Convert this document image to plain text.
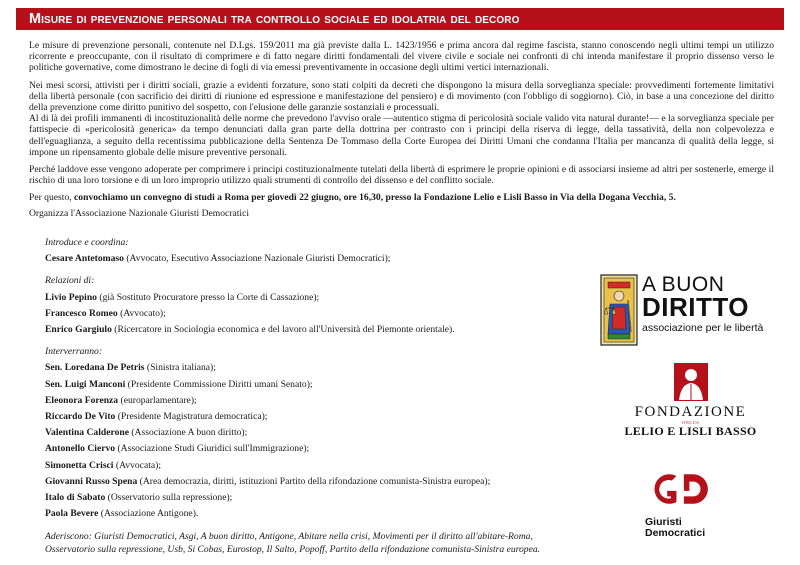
Misure di prevenzione personali tra controllo sociale ed idolatria del decoro

Le misure di prevenzione personali, contenute nel D.Lgs. 159/2011 ma già previste dalla L. 1423/1956 e prima ancora dal regime fascista, stanno conoscendo negli ultimi tempi un utilizzo ricorrente e preoccupante, con il risultato di comprimere e di fatto negare diritti fondamentali del vivere civile e sociale nei confronti di chi intenda manifestare il proprio dissenso verso le politiche governative, come dimostrano le decine di fogli di via emessi preventivamente in occasione degli ultimi vertici internazionali.

Nei mesi scorsi, attivisti per i diritti sociali, grazie a evidenti forzature, sono stati colpiti da decreti che dispongono la misura della sorveglianza speciale: provvedimenti fortemente limitativi della libertà personale (con sacrificio dei diritti di riunione ed espressione e manifestazione del pensiero) e di movimento (con l'obbligo di soggiorno). Ciò, in base a una concezione del diritto della prevenzione come diritto punitivo del sospetto, con l'elusione delle garanzie sostanziali e processuali.

Al di là dei profili immanenti di incostituzionalità delle norme che prevedono l'avviso orale —autentico stigma di pericolosità sociale valido vita natural durante!— e la sorveglianza speciale per fattispecie di «pericolosità generica» da tempo denunciati dalla gran parte della dottrina per contrasto con i principi della riserva di legge, della tassatività, della non colpevolezza e dell'eguaglianza, a seguito della recentissima pubblicazione della Sentenza De Tommaso della Corte Europea dei Diritti Umani che condanna l'Italia per mancanza di qualità della legge, si impone un ripensamento globale delle misure preventive personali.

Perché laddove esse vengono adoperate per comprimere i principi costituzionalmente tutelati della libertà di esprimere le proprie opinioni e di associarsi insieme ad altri per sostenerle, emerge il rischio di una loro torsione e di un loro improprio utilizzo quali strumenti di controllo del dissenso e del conflitto sociale.

Per questo, convochiamo un convegno di studi a Roma per giovedì 22 giugno, ore 16,30, presso la Fondazione Lelio e Lisli Basso in Via della Dogana Vecchia, 5.

Organizza l'Associazione Nazionale Giuristi Democratici

Introduce e coordina:
Cesare Antetomaso (Avvocato, Esecutivo Associazione Nazionale Giuristi Democratici);
Relazioni di:
Livio Pepino (già Sostituto Procuratore presso la Corte di Cassazione);
Francesco Romeo (Avvocato);
Enrico Gargiulo (Ricercatore in Sociologia economica e del lavoro all'Università del Piemonte orientale).
Interverranno:
Sen. Loredana De Petris (Sinistra italiana);
Sen. Luigi Manconi (Presidente Commissione Diritti umani Senato);
Eleonora Forenza (europarlamentare);
Riccardo De Vito (Presidente Magistratura democratica);
Valentina Calderone (Associazione A buon diritto);
Antonello Ciervo (Associazione Studi Giuridici sull'Immigrazione);
Simonetta Crisci (Avvocata);
Giovanni Russo Spena (Area democrazia, diritti, istituzioni Partito della rifondazione comunista-Sinistra europea);
Italo di Sabato (Osservatorio sulla repressione);
Paola Bevere (Associazione Antigone).
Aderiscono: Giuristi Democratici, Asgi, A buon diritto, Antigone, Abitare nella crisi, Movimenti per il diritto all'abitare-Roma,
Osservatorio sulla repressione, Usb, Si Cobas, Eurostop, Il Salto, Popoff, Partito della rifondazione comunista-Sinistra europea.
A BUON
DIRITTO
associazione per le libertà
FONDAZIONE
ONLUS
LELIO E LISLI BASSO
Giuristi
Democratici
